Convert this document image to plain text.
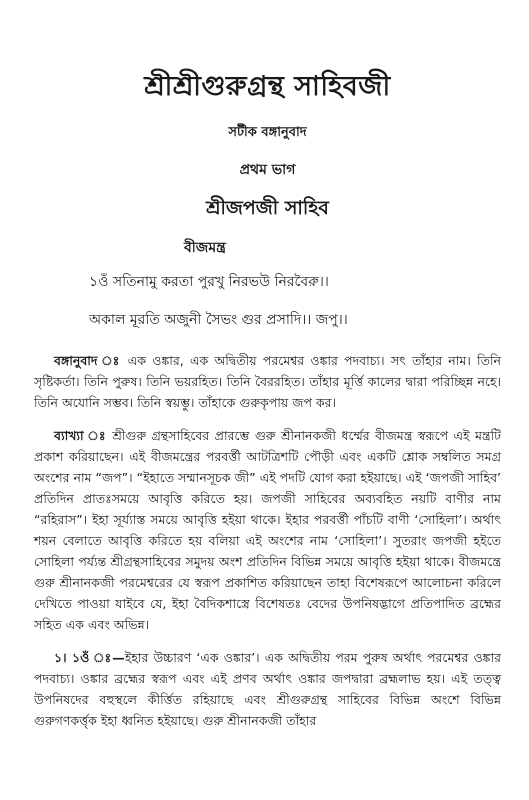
শ্রীশ্রীগুরুগ্রন্থ সাহিবজী
সটীক বঙ্গানুবাদ
প্রথম ভাগ
শ্রীজপজী সাহিব
বীজমন্ত্র
১ওঁ সতিনামু করতা পুরখু নিরভউ নিরবৈরু।।
অকাল মূরতি অজুনী সৈভং গুর প্রসাদি।। জপু।।

বঙ্গানুবাদ ঃ এক ওঙ্কার, এক অদ্বিতীয় পরমেশ্বর ওঙ্কার পদবাচ্য। সৎ তাঁহার নাম। তিনি সৃষ্টিকর্তা। তিনি পুরুষ। তিনি ভয়রহিত। তিনি বৈররহিত। তাঁহার মূর্ত্তি কালের দ্বারা পরিচ্ছিন্ন নহে। তিনি অযোনি সম্ভব। তিনি স্বয়ম্ভু। তাঁহাকে গুরুকৃপায় জপ কর।

ব্যাখ্যা ঃ শ্রীগুরু গ্রন্থসাহিবের প্রারম্ভে গুরু শ্রীনানকজী ধর্ম্মের বীজমন্ত্র স্বরূপে এই মন্ত্রটি প্রকাশ করিয়াছেন। এই বীজমন্ত্রের পরবর্ত্তী আটত্রিশটি পৌড়ী এবং একটি শ্লোক সম্বলিত সমগ্র অংশের নাম “জপ”। “ইহাতে সম্মানসূচক জী” এই পদটি যোগ করা হইয়াছে। এই ‘জপজী সাহিব’ প্রতিদিন প্রাতঃসময়ে আবৃত্তি করিতে হয়। জপজী সাহিবের অব্যবহিত নয়টি বাণীর নাম “রহিরাস”। ইহা সূর্য্যাস্ত সময়ে আবৃত্তি হইয়া থাকে। ইহার পরবর্ত্তী পাঁচটি বাণী ‘সোহিলা’। অর্থাৎ শয়ন বেলাতে আবৃত্তি করিতে হয় বলিয়া এই অংশের নাম ‘সোহিলা’। সুতরাং জপজী হইতে সোহিলা পর্য্যন্ত শ্রীগ্রন্থসাহিবের সমুদয় অংশ প্রতিদিন বিভিন্ন সময়ে আবৃত্তি হইয়া থাকে। বীজমন্ত্রে গুরু শ্রীনানকজী পরমেশ্বরের যে স্বরূপ প্রকাশিত করিয়াছেন তাহা বিশেষরূপে আলোচনা করিলে দেখিতে পাওয়া যাইবে যে, ইহা বৈদিকশাস্ত্রে বিশেষতঃ বেদের উপনিষদ্ভাগে প্রতিপাদিত ব্রহ্মের সহিত এক এবং অভিন্ন।

১। ১ওঁ ঃ—ইহার উচ্চারণ ‘এক ওঙ্কার’। এক অদ্বিতীয় পরম পুরুষ অর্থাৎ পরমেশ্বর ওঙ্কার পদবাচ্য। ওঙ্কার ব্রহ্মের স্বরূপ এবং এই প্রণব অর্থাৎ ওঙ্কার জপদ্বারা ব্রহ্মলাভ হয়। এই তত্ত্ব উপনিষদের বহুস্থলে কীর্ত্তিত রহিয়াছে এবং শ্রীগুরুগ্রন্থ সাহিবের বিভিন্ন অংশে বিভিন্ন গুরুগণকর্ত্তৃক ইহা ধ্বনিত হইয়াছে। গুরু শ্রীনানকজী তাঁহার
